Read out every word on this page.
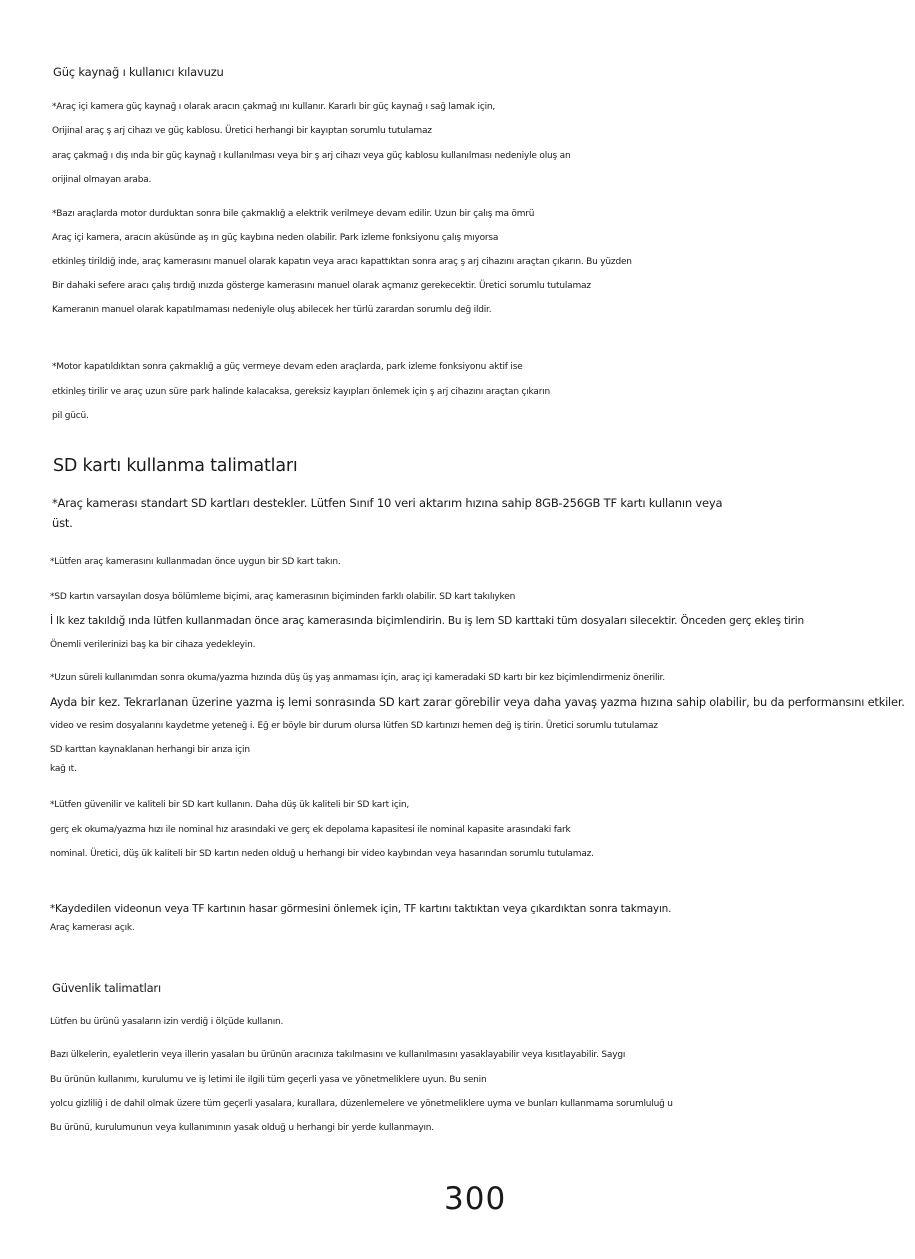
Güç kaynağ ı kullanıcı kılavuzu

*Araç içi kamera güç kaynağ ı olarak aracın çakmağ ını kullanır. Kararlı bir güç kaynağ ı sağ lamak için,

Orijinal araç ş arj cihazı ve güç kablosu. Üretici herhangi bir kayıptan sorumlu tutulamaz

araç çakmağ ı dış ında bir güç kaynağ ı kullanılması veya bir ş arj cihazı veya güç kablosu kullanılması nedeniyle oluş an

orijinal olmayan araba.

*Bazı araçlarda motor durduktan sonra bile çakmaklığ a elektrik verilmeye devam edilir. Uzun bir çalış ma ömrü

Araç içi kamera, aracın aküsünde aş ırı güç kaybına neden olabilir. Park izleme fonksiyonu çalış mıyorsa

etkinleş tirildiğ inde, araç kamerasını manuel olarak kapatın veya aracı kapattıktan sonra araç ş arj cihazını araçtan çıkarın. Bu yüzden

Bir dahaki sefere aracı çalış tırdığ ınızda gösterge kamerasını manuel olarak açmanız gerekecektir. Üretici sorumlu tutulamaz

Kameranın manuel olarak kapatılmaması nedeniyle oluş abilecek her türlü zarardan sorumlu değ ildir.

*Motor kapatıldıktan sonra çakmaklığ a güç vermeye devam eden araçlarda, park izleme fonksiyonu aktif ise

etkinleş tirilir ve araç uzun süre park halinde kalacaksa, gereksiz kayıpları önlemek için ş arj cihazını araçtan çıkarın

pil gücü.

SD kartı kullanma talimatları

*Araç kamerası standart SD kartları destekler. Lütfen Sınıf 10 veri aktarım hızına sahip 8GB-256GB TF kartı kullanın veya

üst.

*Lütfen araç kamerasını kullanmadan önce uygun bir SD kart takın.

*SD kartın varsayılan dosya bölümleme biçimi, araç kamerasının biçiminden farklı olabilir. SD kart takılıyken

İ lk kez takıldığ ında lütfen kullanmadan önce araç kamerasında biçimlendirin. Bu iş lem SD karttaki tüm dosyaları silecektir. Önceden gerç ekleş tirin

Önemli verilerinizi baş ka bir cihaza yedekleyin.

*Uzun süreli kullanımdan sonra okuma/yazma hızında düş üş yaş anmaması için, araç içi kameradaki SD kartı bir kez biçimlendirmeniz önerilir.

Ayda bir kez. Tekrarlanan üzerine yazma iş lemi sonrasında SD kart zarar görebilir veya daha yavaş yazma hızına sahip olabilir, bu da performansını etkiler.

video ve resim dosyalarını kaydetme yeteneğ i. Eğ er böyle bir durum olursa lütfen SD kartınızı hemen değ iş tirin. Üretici sorumlu tutulamaz

SD karttan kaynaklanan herhangi bir arıza için

kağ ıt.

*Lütfen güvenilir ve kaliteli bir SD kart kullanın. Daha düş ük kaliteli bir SD kart için,

gerç ek okuma/yazma hızı ile nominal hız arasındaki ve gerç ek depolama kapasitesi ile nominal kapasite arasındaki fark

nominal. Üretici, düş ük kaliteli bir SD kartın neden olduğ u herhangi bir video kaybından veya hasarından sorumlu tutulamaz.

*Kaydedilen videonun veya TF kartının hasar görmesini önlemek için, TF kartını taktıktan veya çıkardıktan sonra takmayın.

Araç kamerası açık.

Güvenlik talimatları

Lütfen bu ürünü yasaların izin verdiğ i ölçüde kullanın.

Bazı ülkelerin, eyaletlerin veya illerin yasaları bu ürünün aracınıza takılmasını ve kullanılmasını yasaklayabilir veya kısıtlayabilir. Saygı

Bu ürünün kullanımı, kurulumu ve iş letimi ile ilgili tüm geçerli yasa ve yönetmeliklere uyun. Bu senin

yolcu gizliliğ i de dahil olmak üzere tüm geçerli yasalara, kurallara, düzenlemelere ve yönetmeliklere uyma ve bunları kullanmama sorumluluğ u

Bu ürünü, kurulumunun veya kullanımının yasak olduğ u herhangi bir yerde kullanmayın.

300
